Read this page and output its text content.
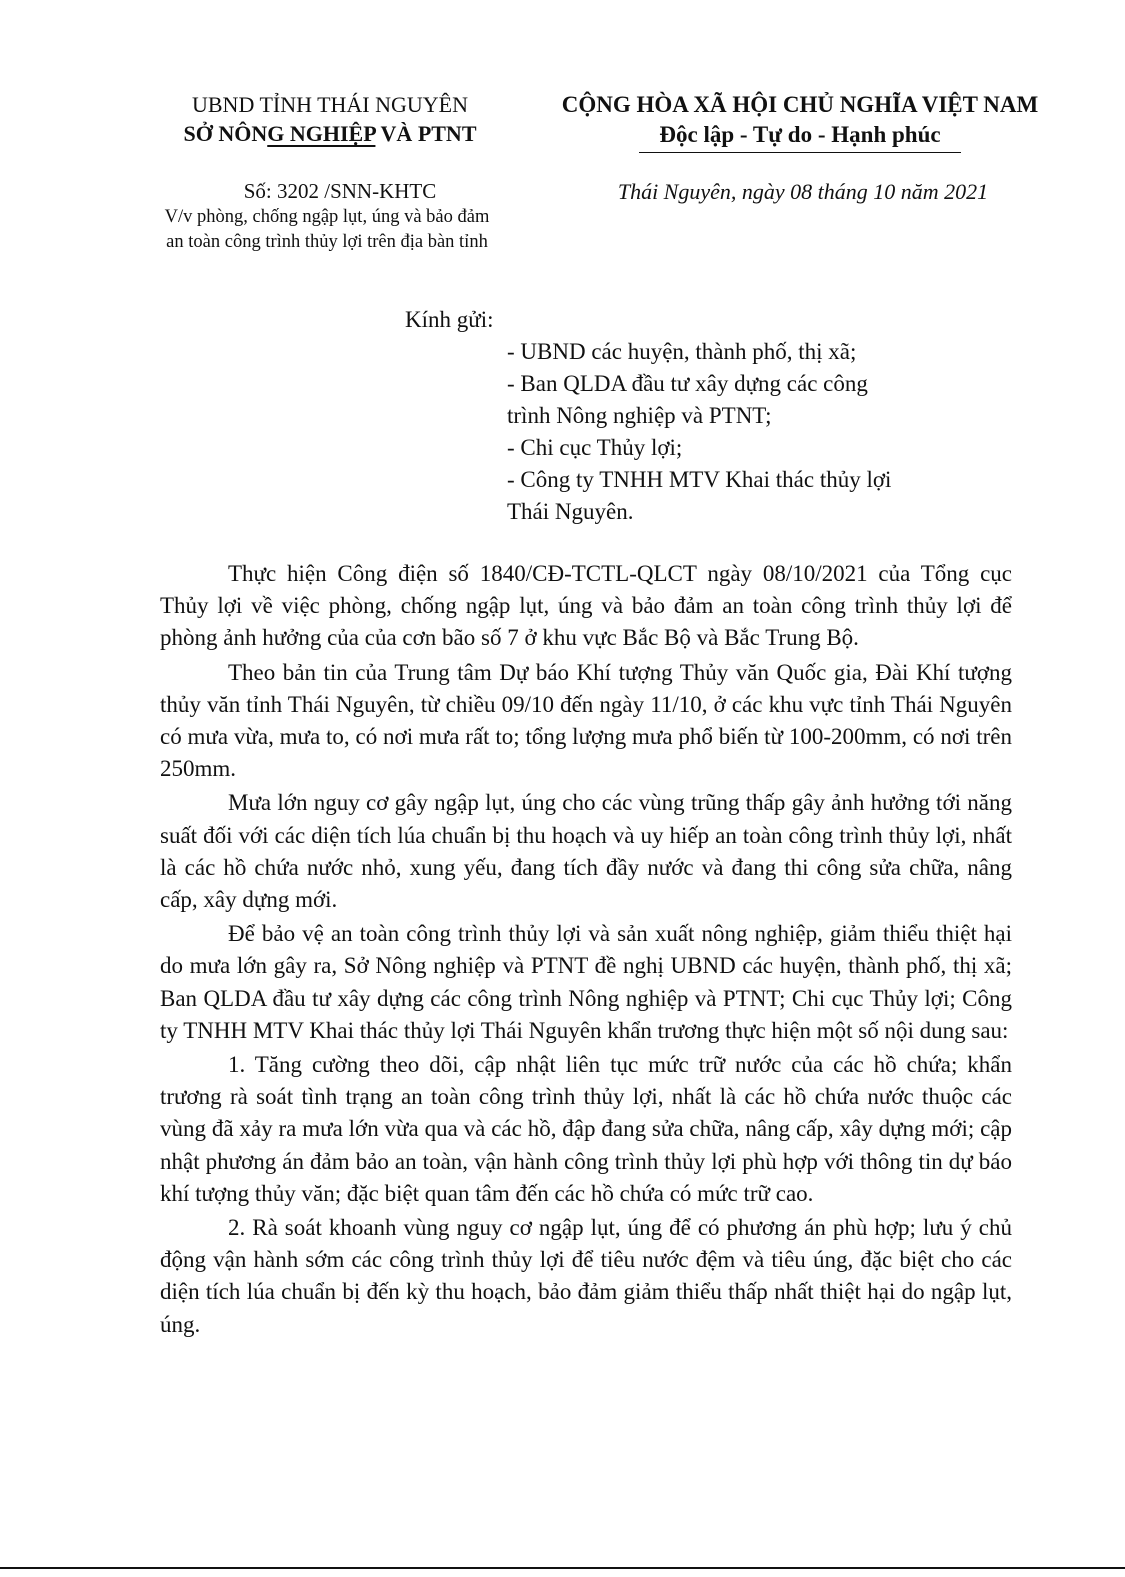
UBND TỈNH THÁI NGUYÊN
SỞ NÔNG NGHIỆP VÀ PTNT
CỘNG HÒA XÃ HỘI CHỦ NGHĨA VIỆT NAM
Độc lập - Tự do - Hạnh phúc
Số: 3202 /SNN-KHTC
V/v phòng, chống ngập lụt, úng và bảo đảm
an toàn công trình thủy lợi trên địa bàn tỉnh
Thái Nguyên, ngày 08 tháng 10 năm 2021
Kính gửi:
- UBND các huyện, thành phố, thị xã;
- Ban QLDA đầu tư xây dựng các công
trình Nông nghiệp và PTNT;
- Chi cục Thủy lợi;
- Công ty TNHH MTV Khai thác thủy lợi
Thái Nguyên.

Thực hiện Công điện số 1840/CĐ-TCTL-QLCT ngày 08/10/2021 của Tổng cục Thủy lợi về việc phòng, chống ngập lụt, úng và bảo đảm an toàn công trình thủy lợi để phòng ảnh hưởng của của cơn bão số 7 ở khu vực Bắc Bộ và Bắc Trung Bộ.

Theo bản tin của Trung tâm Dự báo Khí tượng Thủy văn Quốc gia, Đài Khí tượng thủy văn tỉnh Thái Nguyên, từ chiều 09/10 đến ngày 11/10, ở các khu vực tỉnh Thái Nguyên có mưa vừa, mưa to, có nơi mưa rất to; tổng lượng mưa phổ biến từ 100-200mm, có nơi trên 250mm.

Mưa lớn nguy cơ gây ngập lụt, úng cho các vùng trũng thấp gây ảnh hưởng tới năng suất đối với các diện tích lúa chuẩn bị thu hoạch và uy hiếp an toàn công trình thủy lợi, nhất là các hồ chứa nước nhỏ, xung yếu, đang tích đầy nước và đang thi công sửa chữa, nâng cấp, xây dựng mới.

Để bảo vệ an toàn công trình thủy lợi và sản xuất nông nghiệp, giảm thiểu thiệt hại do mưa lớn gây ra, Sở Nông nghiệp và PTNT đề nghị UBND các huyện, thành phố, thị xã; Ban QLDA đầu tư xây dựng các công trình Nông nghiệp và PTNT; Chi cục Thủy lợi; Công ty TNHH MTV Khai thác thủy lợi Thái Nguyên khẩn trương thực hiện một số nội dung sau:

1. Tăng cường theo dõi, cập nhật liên tục mức trữ nước của các hồ chứa; khẩn trương rà soát tình trạng an toàn công trình thủy lợi, nhất là các hồ chứa nước thuộc các vùng đã xảy ra mưa lớn vừa qua và các hồ, đập đang sửa chữa, nâng cấp, xây dựng mới; cập nhật phương án đảm bảo an toàn, vận hành công trình thủy lợi phù hợp với thông tin dự báo khí tượng thủy văn; đặc biệt quan tâm đến các hồ chứa có mức trữ cao.

2. Rà soát khoanh vùng nguy cơ ngập lụt, úng để có phương án phù hợp; lưu ý chủ động vận hành sớm các công trình thủy lợi để tiêu nước đệm và tiêu úng, đặc biệt cho các diện tích lúa chuẩn bị đến kỳ thu hoạch, bảo đảm giảm thiểu thấp nhất thiệt hại do ngập lụt, úng.
